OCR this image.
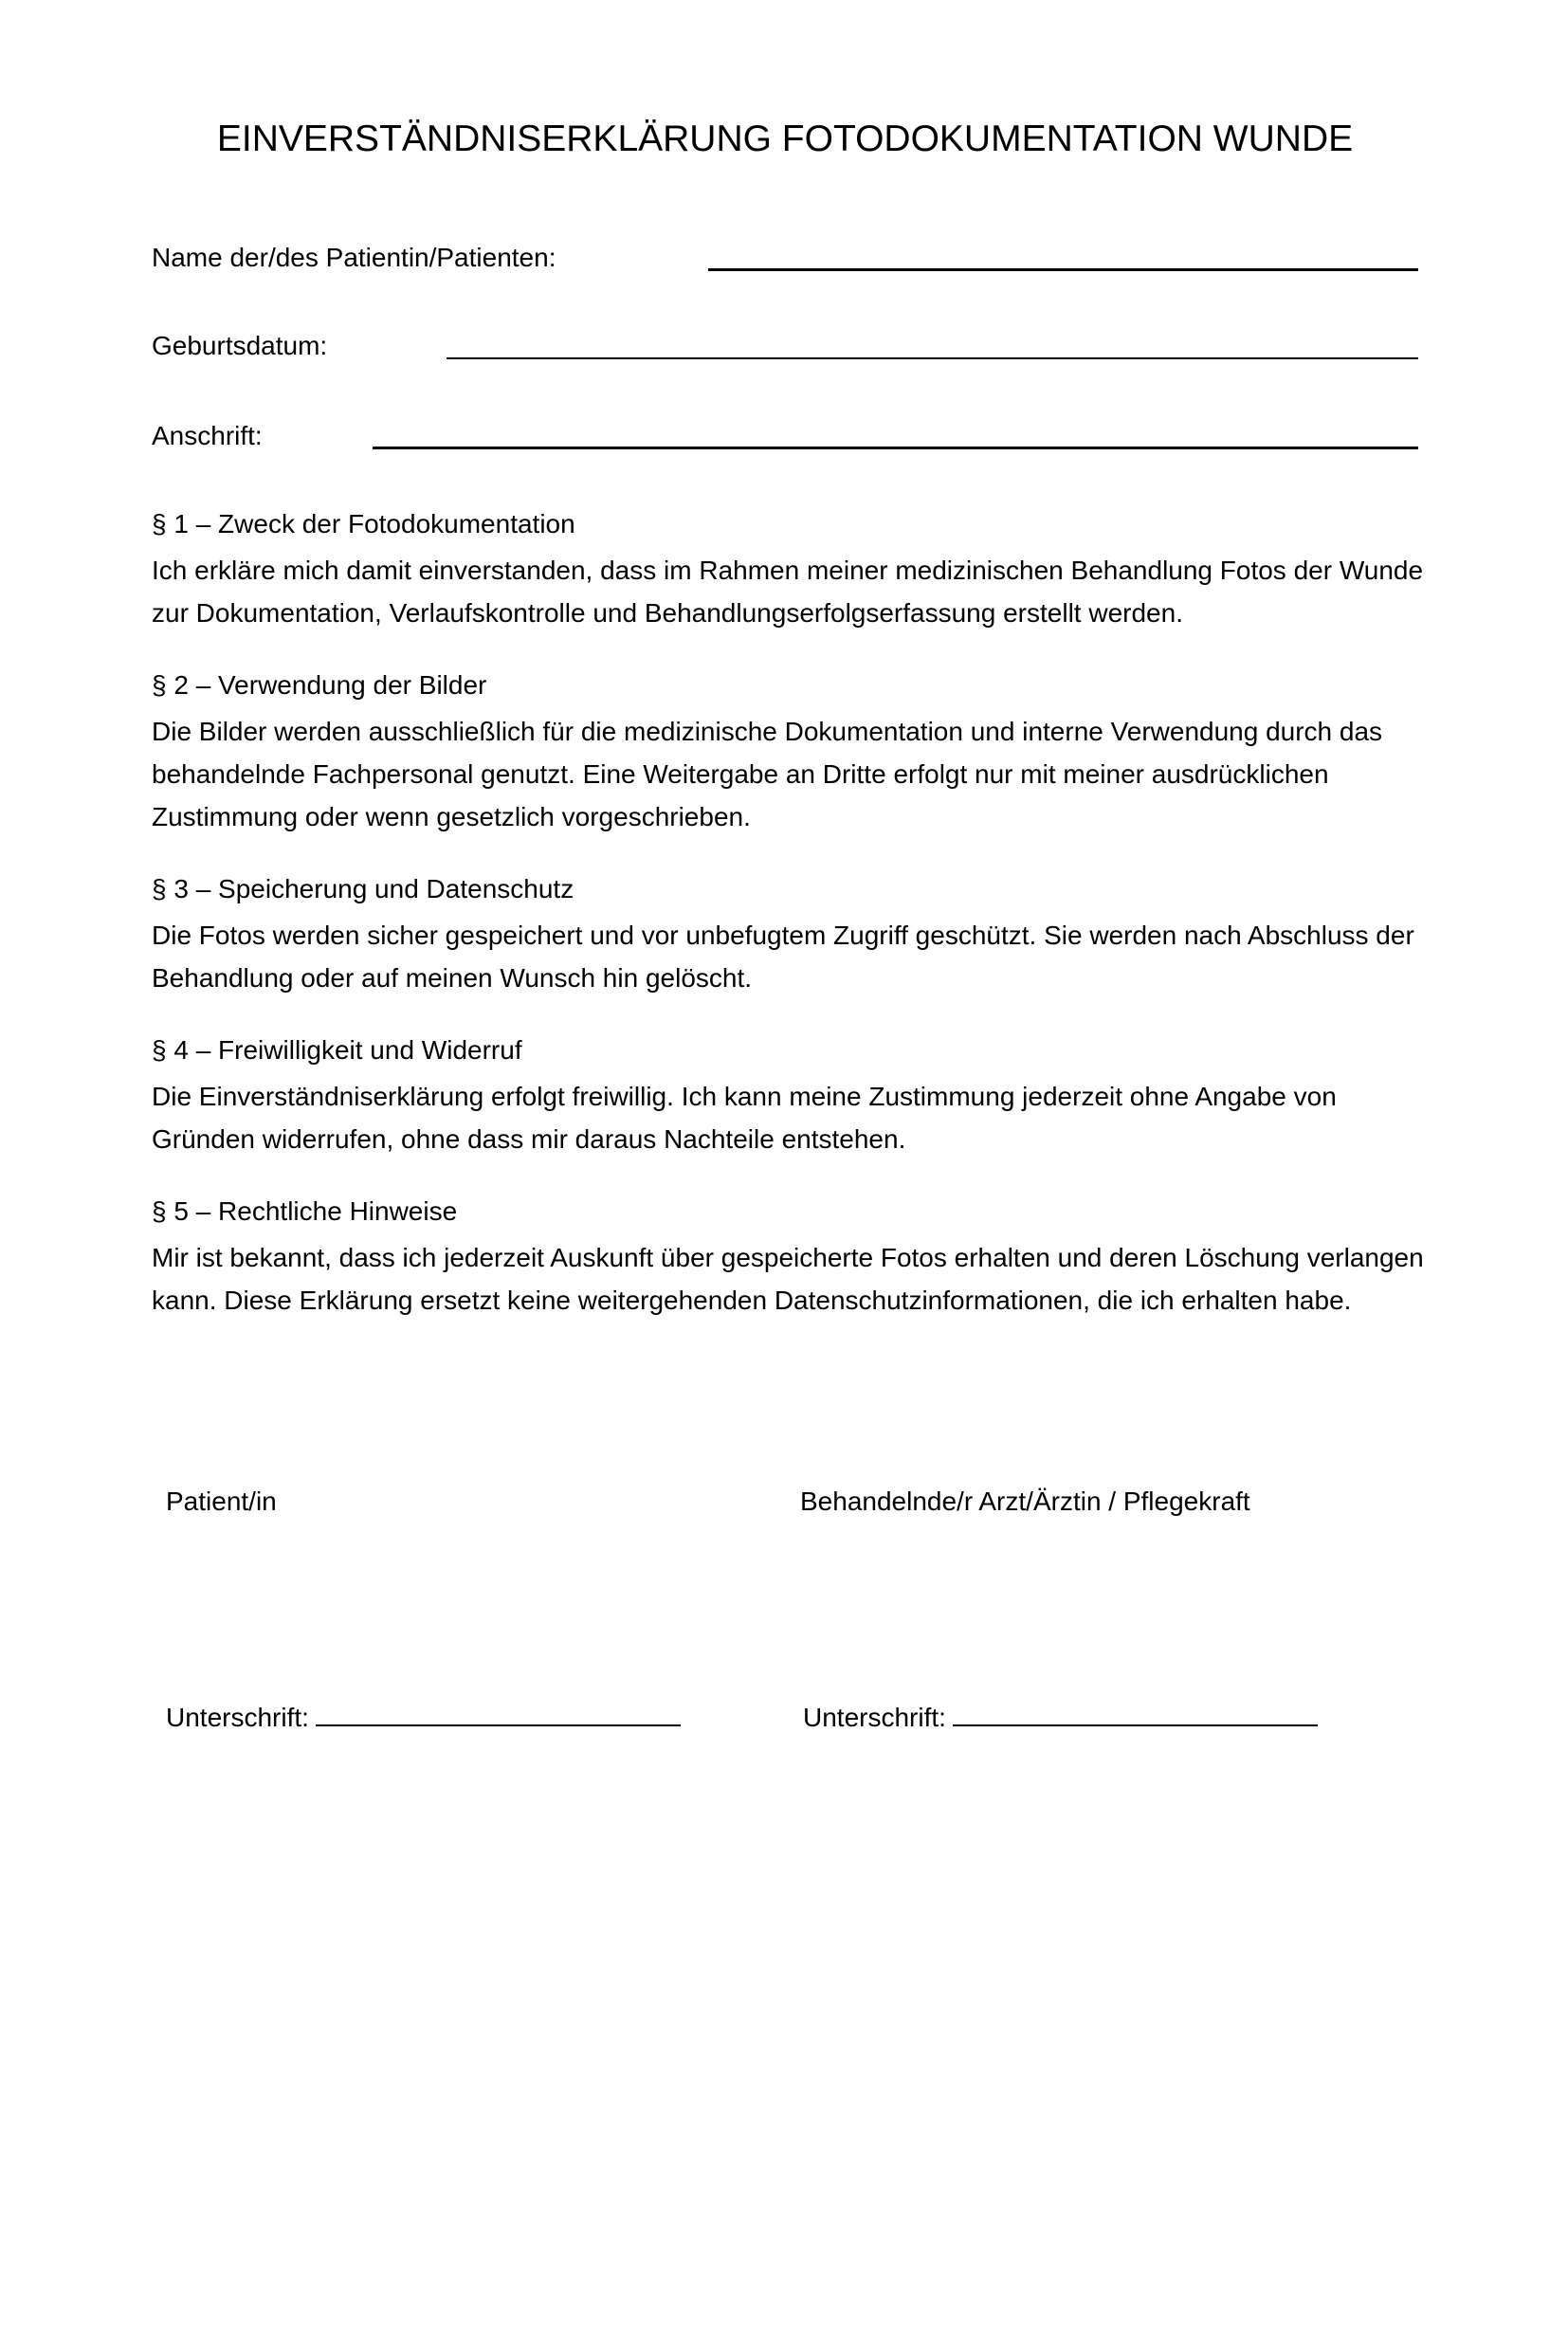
EINVERSTÄNDNISERKLÄRUNG FOTODOKUMENTATION WUNDE
Name der/des Patientin/Patienten:
Geburtsdatum:
Anschrift:
§ 1 – Zweck der Fotodokumentation
Ich erkläre mich damit einverstanden, dass im Rahmen meiner medizinischen Behandlung Fotos der Wunde
zur Dokumentation, Verlaufskontrolle und Behandlungserfolgserfassung erstellt werden.
§ 2 – Verwendung der Bilder
Die Bilder werden ausschließlich für die medizinische Dokumentation und interne Verwendung durch das
behandelnde Fachpersonal genutzt. Eine Weitergabe an Dritte erfolgt nur mit meiner ausdrücklichen
Zustimmung oder wenn gesetzlich vorgeschrieben.
§ 3 – Speicherung und Datenschutz
Die Fotos werden sicher gespeichert und vor unbefugtem Zugriff geschützt. Sie werden nach Abschluss der
Behandlung oder auf meinen Wunsch hin gelöscht.
§ 4 – Freiwilligkeit und Widerruf
Die Einverständniserklärung erfolgt freiwillig. Ich kann meine Zustimmung jederzeit ohne Angabe von
Gründen widerrufen, ohne dass mir daraus Nachteile entstehen.
§ 5 – Rechtliche Hinweise
Mir ist bekannt, dass ich jederzeit Auskunft über gespeicherte Fotos erhalten und deren Löschung verlangen
kann. Diese Erklärung ersetzt keine weitergehenden Datenschutzinformationen, die ich erhalten habe.
Patient/in	Behandelnde/r Arzt/Ärztin / Pflegekraft
Unterschrift:	Unterschrift:
